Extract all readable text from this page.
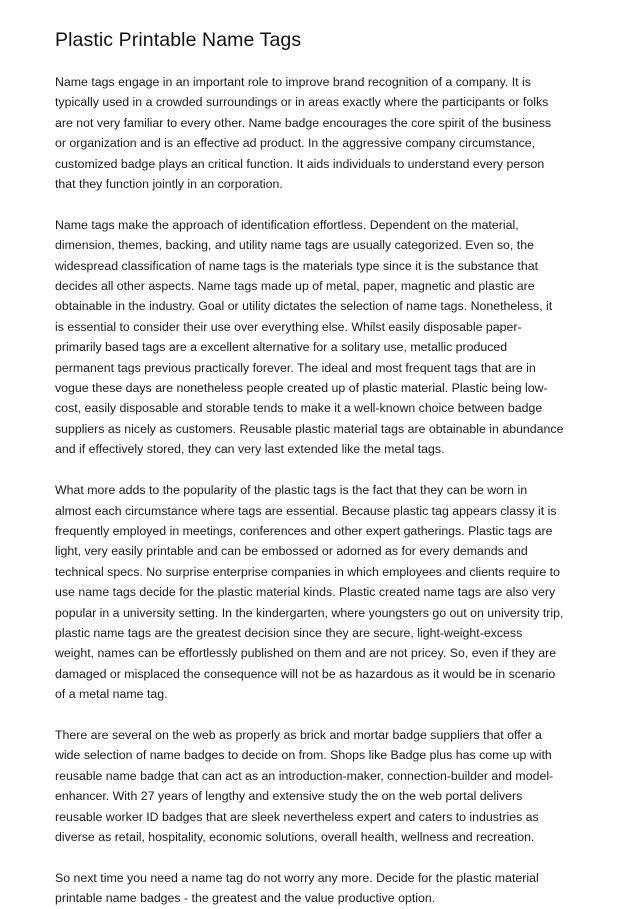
Plastic Printable Name Tags

Name tags engage in an important role to improve brand recognition of a company. It is
typically used in a crowded surroundings or in areas exactly where the participants or folks
are not very familiar to every other. Name badge encourages the core spirit of the business
or organization and is an effective ad product. In the aggressive company circumstance,
customized badge plays an critical function. It aids individuals to understand every person
that they function jointly in an corporation.

Name tags make the approach of identification effortless. Dependent on the material,
dimension, themes, backing, and utility name tags are usually categorized. Even so, the
widespread classification of name tags is the materials type since it is the substance that
decides all other aspects. Name tags made up of metal, paper, magnetic and plastic are
obtainable in the industry. Goal or utility dictates the selection of name tags. Nonetheless, it
is essential to consider their use over everything else. Whilst easily disposable paper-
primarily based tags are a excellent alternative for a solitary use, metallic produced
permanent tags previous practically forever. The ideal and most frequent tags that are in
vogue these days are nonetheless people created up of plastic material. Plastic being low-
cost, easily disposable and storable tends to make it a well-known choice between badge
suppliers as nicely as customers. Reusable plastic material tags are obtainable in abundance
and if effectively stored, they can very last extended like the metal tags.

What more adds to the popularity of the plastic tags is the fact that they can be worn in
almost each circumstance where tags are essential. Because plastic tag appears classy it is
frequently employed in meetings, conferences and other expert gatherings. Plastic tags are
light, very easily printable and can be embossed or adorned as for every demands and
technical specs. No surprise enterprise companies in which employees and clients require to
use name tags decide for the plastic material kinds. Plastic created name tags are also very
popular in a university setting. In the kindergarten, where youngsters go out on university trip,
plastic name tags are the greatest decision since they are secure, light-weight-excess
weight, names can be effortlessly published on them and are not pricey. So, even if they are
damaged or misplaced the consequence will not be as hazardous as it would be in scenario
of a metal name tag.

There are several on the web as properly as brick and mortar badge suppliers that offer a
wide selection of name badges to decide on from. Shops like Badge plus has come up with
reusable name badge that can act as an introduction-maker, connection-builder and model-
enhancer. With 27 years of lengthy and extensive study the on the web portal delivers
reusable worker ID badges that are sleek nevertheless expert and caters to industries as
diverse as retail, hospitality, economic solutions, overall health, wellness and recreation.

So next time you need a name tag do not worry any more. Decide for the plastic material
printable name badges - the greatest and the value productive option.
